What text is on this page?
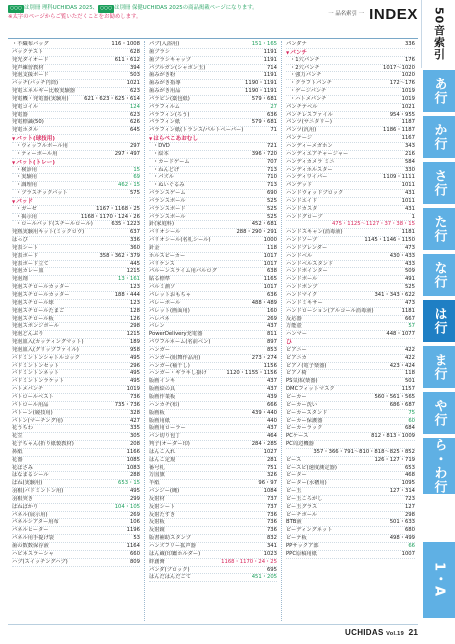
○○○ は別冊 理科UCHIDAS 2025、 ○○○ は別冊 保健UCHIDAS 2025の商品掲載ページになります。
※太字のページからご覧いただくことをお勧めします。	$^{一 品名索引 一}$ INDEX
・不織布バッグ	116・1008
パックテスト	628
発光ダイオード	611・612
発声練習教材	394
発泡支援ボード	503
バッチ(バッチ円筒)	1021
発電エネルギー比較実験器	623
発電機・発電器(実験用)	621・623・625・614
発電コイル	124
発電器	623
発電標識(50)	626
発電ホタル	645
▼ バット(球技用)
・ウィッフルボール用	297
・ティーボール用	297・497
▼ バット(トレー)
・検診用	15
・実験用	69
・調理用	462・15
・プラスチックバット	575
▼ パッド
・ガーゼ	1167・1168・25
・掲示用	1168・1170・124・26
・ロールパッド(スチールロール)	635・1223
発熱実験用キット(ミックロウ)	637
はっぴ	336
発表シート	360
発表ボード	358・362・379
発表ボード立て	445
発泡カレー皿	1215
発泡剤	13・161
発泡スチロールカッター	123
発泡スチロールカッター	188・444
発泡スチロール球	123
発泡スチロールたまご	128
発泡スチロール板	126
発泡スポンジボール	298
発泡どんぶり	1215
発泡皿入(カッティングマット)	189
発泡皿入(グリップファイル)	958
バドミントンシャトルコック	495
バドミントンセット	296
バドミントンネット	495
バドミントンラケット	495
ハトメパンチ	1019
パトロールベスト	736
パトロール用品	735・736
パトーン(競技用)	328
パトン(マーチング用)	427
花うちわ	335
花笠	305
花子ちゃん(折り紙製教材)	208
鼻紙	1166
花器	1085
花ばさみ	1083
はなまるシール	288
ばね(実験用)	653・15
羽根(バドミントン用)	495
羽根突き	299
ばねばかり	104・105
パネル(展示用)	269
パネルシアター用布	106
パネルヒーター	1196
パネル用手提げ袋	53
歯の数数保存液	1164
ハピネスラーシャ	660
ハブ(スイッチングハブ)	809
パブ(入浴用)	151・165
歯ブラシ	1191
歯ブラシキャップ	1191
パブルガン(シャボン玉)	714
歯みがき粉	1191
歯みがき指導	1190・1191
歯みがき用品	1190・1191
パラピン(薬包紙)	579・681
パラフィルム	27
パラフィン(ろう)	636
パラフィン紙	579・681
パラフィン紙(トランス/パルトペーパー)	71
▼ はらぺこあおむし
・DVD	721
・絵本	396・720
・カードゲーム	707
・ねんどげ	713
・パズル	710
・ぬいぐるみ	713
バランスゲーム	690
バランスボール	525
バランスボード	525
バランスボール	525
針(家庭科)	452・681
バリオシール	288・290・291
バリオシール(名札シール)	1000
針金	118
ホルスピーカー	1017
バリケンス	1017
パルーンスライム用バルログ	638
貼る標準	1165
バルミ測ソ	1017
パレットおもちゃ	636
パレーボール	488・489
パレット(画面用)	160
ハレパネ	269
バレン	437
PowerDelivery充電器	811
パワフルネーム(名前ペン)	897
ハンガー	853
ハンガー(組舞作品用)	273・274
ハンガー(袖干し)	1156
ハンガー・ギラキし掛け	1120・1155・1156
版画インキ	437
版画絵の具	437
版画作業板	439
ハンカチ(布)	666
版画板	439・440
版画用紙	440
版画用ローラー	437
バン切り包丁	464
判子(オーダー印)	284・285
はんこ入れ	1027
はんこ定規	281
番号札	751
万国旗	326
半紙	96・97
バンジー(縄)	1084
反射材	737
反射シート	737
反射たすき	736
反射板	736
反射鏡	736
版書補助スタンプ	832
ハンズフリー拡声器	341
はん蔵(印鑑ホルダー)	1023
絆創膏	1168・1170・24・25
パンダ(ブロック)	695
はんだはんだごて	451・205
パンダナ	336
▼ パンチ
・1穴パンチ	176
・2穴パンチ	1017〜1020
・強力パンチ	1020
・クラフトパンチ	172〜176
・ゲージパンチ	1019
・ハトメパンチ	1019
パンチテベル	1021
パンチレスファイル	954・955
パンツ(サニタリー)	1187
パンツ(汎用)	1186・1187
パンテージ	1167
ハンディーメガホン	343
ハンディエアチャージャー	216
ハンディカメラ ミニ	584
ハンディホルスター	330
ハンディワイパー	1109・1111
パンデッド	1011
ハンドウォッドブロック	431
ハンドエイド	1011
ハンドカスタ	431
ハンドグローブ	1
475・1125〜1127・37・38・15
ハンドスキャン(消毒液)	1181
ハンドソープ	1145・1146・1150
ハンドプレンダー	473
ハンドベル	430・433
ハンドベルスタンド	433
ハンドポインター	509
ハンドボール	491
ハンドポンプ	525
ハンドマイク	341・343・622
ハンドミキサー	473
ハンドローション(アルコール消毒液)	1181
反応器	667
万能壺	57
ハンマー	448・1077
ひ
ピアニー	422
ピアニカ	422
ピアノ(電子楽器)	423・424
ピアノ椅	118
PS気体(楽器)	501
DMCフィットマスク	1157
ピーカー	560・561・565
ピーカー洗い	686・687
ピーカースタンド	75
ピーカー保護器	60
ピーカーラック	684
PCケース	812・813・1009
PC周辺機器
357・366・791〜810・818〜825・852
ピース	126・127・719
ピースピ(速度測定器)	653
ピーター	468
ピーター(水槽用)	1095
ピー玉	127・314
ピー玉ころがし	723
ピー玉グラス	127
ピーチボール	298
BTB液	501・633
ピーディングネット	680
ピーテ板	498・499
PPサックア部	66
PPC原稿用紙	1007
UCHIDAS Vol.19 21
50音索引
あ行
か行
さ行
た行
な行
は行
ま行
や行
ら・わ行
1・A
